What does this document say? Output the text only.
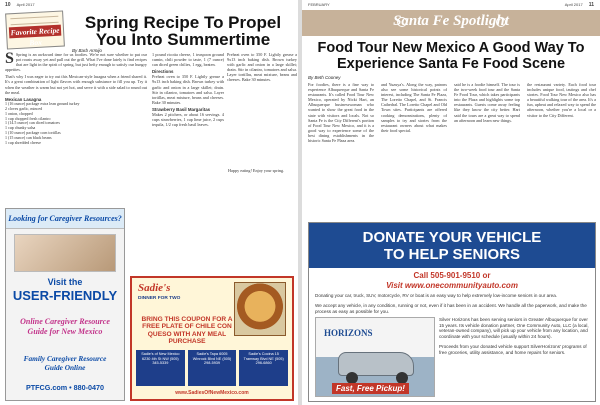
10 April 2017
Favorite Recipe Box
Spring Recipe To Propel You Into Summertime
By Barb Armijo

S Spring is an awkward time for us foodies. We're not sure whether to put our pot roasts away yet and pull out the grill. What I've done lately is find recipes that are light in the spirit of spring, but just hefty enough to satisfy our hungry appetites.

That's why I was eager to try out this Mexican-style lasagna when a friend shared it. It's a great combination of light flavors with enough substance to fill you up. Try it when the weather is warm but not yet hot, and serve it with a side salad to round out the meal.

Mexican Lasagna
1 (16 ounce) package extra lean ground turkey
2 cloves garlic, minced
1 onion, chopped
1 cup chopped fresh cilantro
1 (14.5 ounce) can diced tomatoes
1 cup chunky salsa
1 (10 ounce) package corn tortillas
1 (15 ounce) can black beans
1 cup shredded cheese

1 pound ricotta cheese, 1 teaspoon ground cumin, chili powder to taste, 1 (7 ounce) can diced green chilies, 1 egg, beaten.

Directions

Preheat oven to 350 F. Lightly grease a 9x13 inch baking dish. Brown turkey with garlic and onion in a large skillet; drain. Stir in cilantro, tomatoes and salsa. Layer tortillas, meat mixture, beans and cheeses. Bake 30 minutes.

Strawberry Basil Margaritas

Makes 2 pitchers, or about 16 servings. 4 cups strawberries, 1 cup lime juice, 2 cups tequila, 1/2 cup fresh basil leaves.

Preheat oven to 350 F. Lightly grease a 9x13 inch baking dish. Brown turkey with garlic and onion in a large skillet; drain. Stir in cilantro, tomatoes and salsa. Layer tortillas, meat mixture, beans and cheeses. Bake 30 minutes.

Happy eating! Enjoy your spring.
Looking for Caregiver Resources?
Visit the
USER-FRIENDLY
Online Caregiver Resource
Guide for New Mexico
Family Caregiver Resource
Guide Online
PTFCG.com • 880-0470
Sadie's
DINNER FOR TWO
BRING THIS COUPON FOR A FREE PLATE OF CHILE CON QUESO WITH ANY MEAL PURCHASE
Sadie's of New Mexico 6230 4th St NW (505) 345-5339
Sadie's Tapa 6005 Winrock Blvd NE (505) 298-5939
Sadie's Cocina 15 Tramway Blvd NE (505) 296-6860
www.SadiesOfNewMexico.com
FEBRUARY	April 2017 11
Santa Fe Spotlight
Food Tour New Mexico A Good Way To Experience Santa Fe Food Scene
By Beth Cooney
For foodies, there is a fine way to experience Albuquerque and Santa Fe restaurants. It's called Food Tour New Mexico, operated by Nicki Hart, an Albuquerque businesswoman who wanted to show the great food in the state with visitors and locals. Not so Santa Fe is the City Different's portion of Food Tour New Mexico, and it is a good way to experience some of the best dining establishments in the historic Santa Fe Plaza area.
and Yuzuya's. Along the way, patrons also see some historical points of interest, including The Santa Fe Plaza, The Loretto Chapel, and St. Francis Cathedral. The Loretto Chapel and Old Town sites. Participants are offered cooking demonstrations, plenty of samples to try and stories from the restaurant owners about what makes their food special.
said he is a foodie himself. The tour is the two-week food tour and the Santa Fe Food Tour, which takes participants into the Plaza and highlights some top restaurants. Guests come away feeling like they know the city better. Hart said the tours are a great way to spend an afternoon and learn new things.
the restaurant variety. Each food tour includes unique food, tastings and chef stories. Food Tour New Mexico also has a beautiful walking tour of the area. It's a fun, upbeat and relaxed way to spend the afternoon, whether you're a local or a visitor to the City Different.
DONATE YOUR VEHICLE
TO HELP SENIORS
Call 505-901-9510 or
Visit www.onecommunityauto.com
Donating your car, truck, SUV, motorcycle, RV or boat is an easy way to help extremely low-income seniors in our area.
We accept any vehicle, in any condition, running or not, even if it has been in an accident. We handle all the paperwork, and make the process as easy as possible for you.
HORIZONS
Fast, Free Pickup!

Silver Horizons has been serving seniors in Greater Albuquerque for over 15 years. Its vehicle donation partner, One Community Auto, LLC (a local, veteran-owned company), will pick up your vehicle from any location, and coordinate with your schedule (usually within 24 hours).

Proceeds from your donated vehicle support SilverHorizons' programs of free groceries, utility assistance, and home repairs for seniors.
